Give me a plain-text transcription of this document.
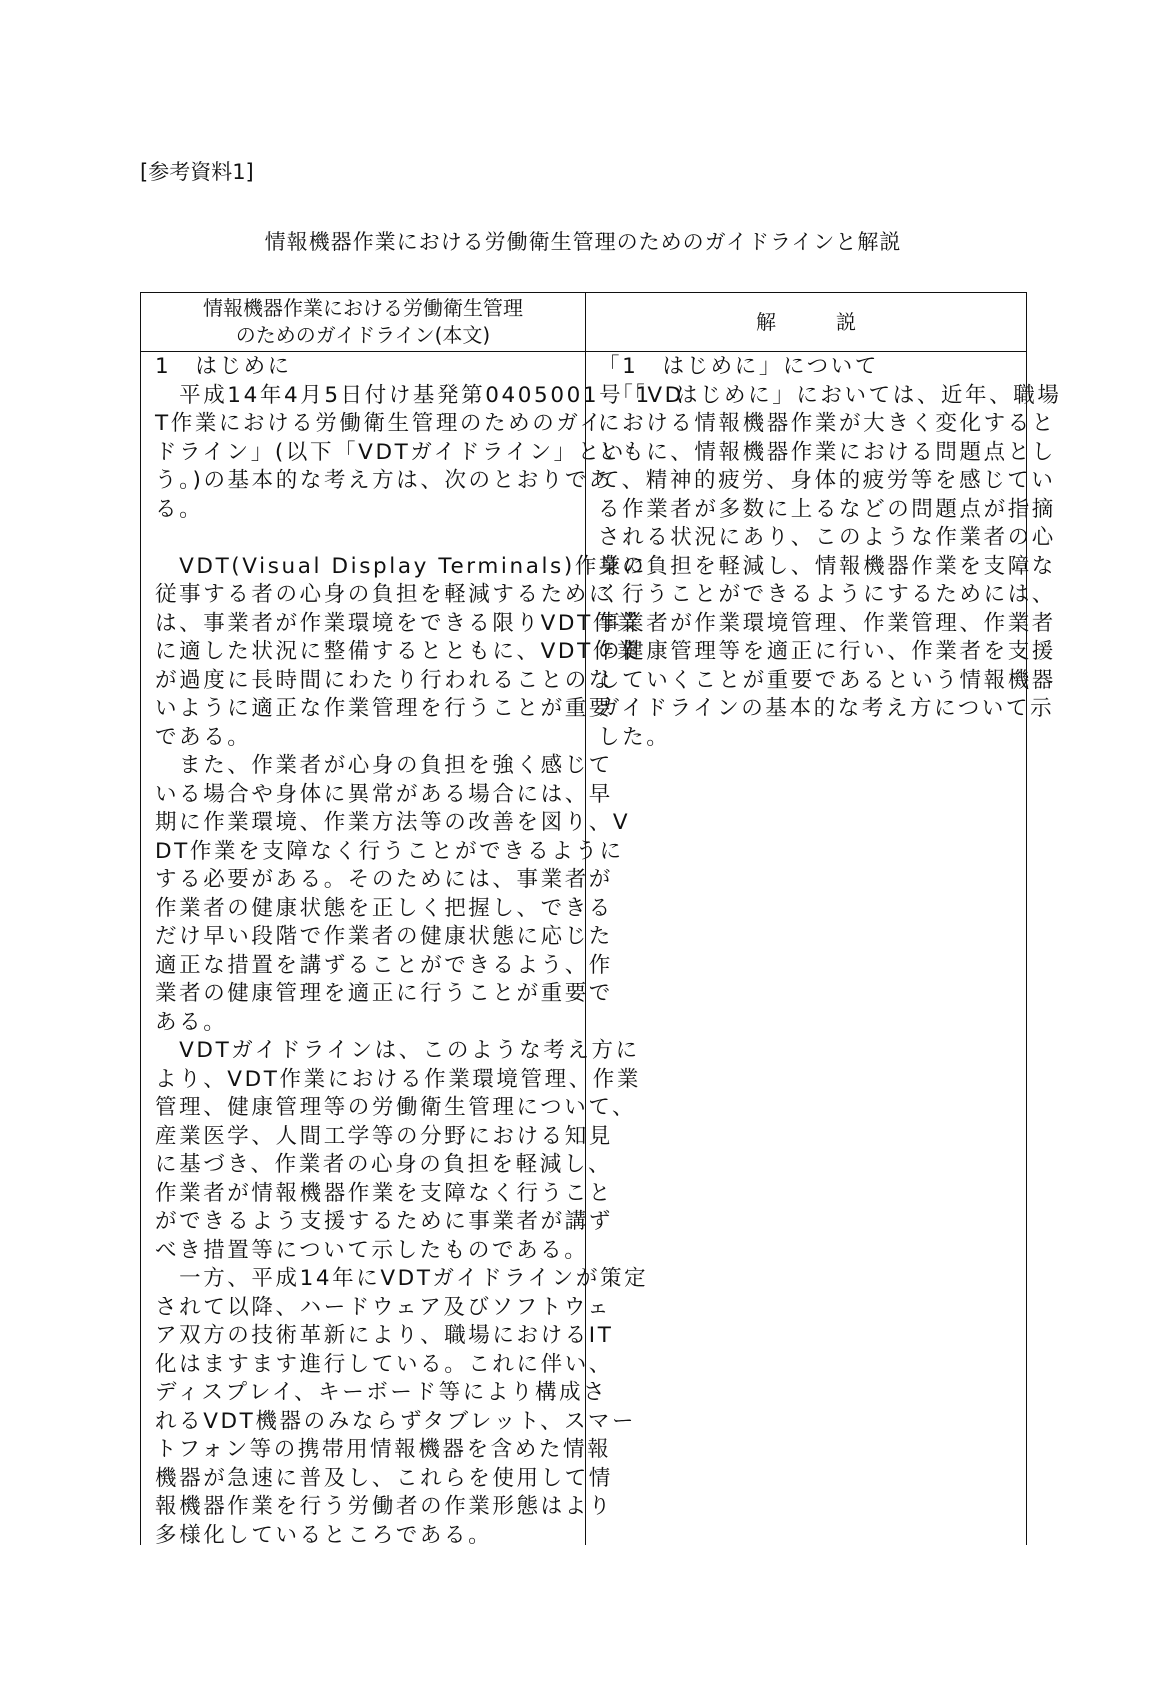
[参考資料1]
情報機器作業における労働衛生管理のためのガイドラインと解説
情報機器作業における労働衛生管理
のためのガイドライン(本文)
解　　　説
1　はじめに
　平成14年4月5日付け基発第0405001号「VD
T作業における労働衛生管理のためのガイ
ドライン」(以下「VDTガイドライン」とい
う。)の基本的な考え方は、次のとおりであ
る。
　VDT(Visual Display Terminals)作業に
従事する者の心身の負担を軽減するために
は、事業者が作業環境をできる限りVDT作業
に適した状況に整備するとともに、VDT作業
が過度に長時間にわたり行われることのな
いように適正な作業管理を行うことが重要
である。
　また、作業者が心身の負担を強く感じて
いる場合や身体に異常がある場合には、早
期に作業環境、作業方法等の改善を図り、V
DT作業を支障なく行うことができるように
する必要がある。そのためには、事業者が
作業者の健康状態を正しく把握し、できる
だけ早い段階で作業者の健康状態に応じた
適正な措置を講ずることができるよう、作
業者の健康管理を適正に行うことが重要で
ある。
　VDTガイドラインは、このような考え方に
より、VDT作業における作業環境管理、作業
管理、健康管理等の労働衛生管理について、
産業医学、人間工学等の分野における知見
に基づき、作業者の心身の負担を軽減し、
作業者が情報機器作業を支障なく行うこと
ができるよう支援するために事業者が講ず
べき措置等について示したものである。
　一方、平成14年にVDTガイドラインが策定
されて以降、ハードウェア及びソフトウェ
ア双方の技術革新により、職場におけるIT
化はますます進行している。これに伴い、
ディスプレイ、キーボード等により構成さ
れるVDT機器のみならずタブレット、スマー
トフォン等の携帯用情報機器を含めた情報
機器が急速に普及し、これらを使用して情
報機器作業を行う労働者の作業形態はより
多様化しているところである。
「1　はじめに」について
　「1　はじめに」においては、近年、職場
における情報機器作業が大きく変化すると
ともに、情報機器作業における問題点とし
て、精神的疲労、身体的疲労等を感じてい
る作業者が多数に上るなどの問題点が指摘
される状況にあり、このような作業者の心
身の負担を軽減し、情報機器作業を支障な
く行うことができるようにするためには、
事業者が作業環境管理、作業管理、作業者
の健康管理等を適正に行い、作業者を支援
していくことが重要であるという情報機器
ガイドラインの基本的な考え方について示
した。
